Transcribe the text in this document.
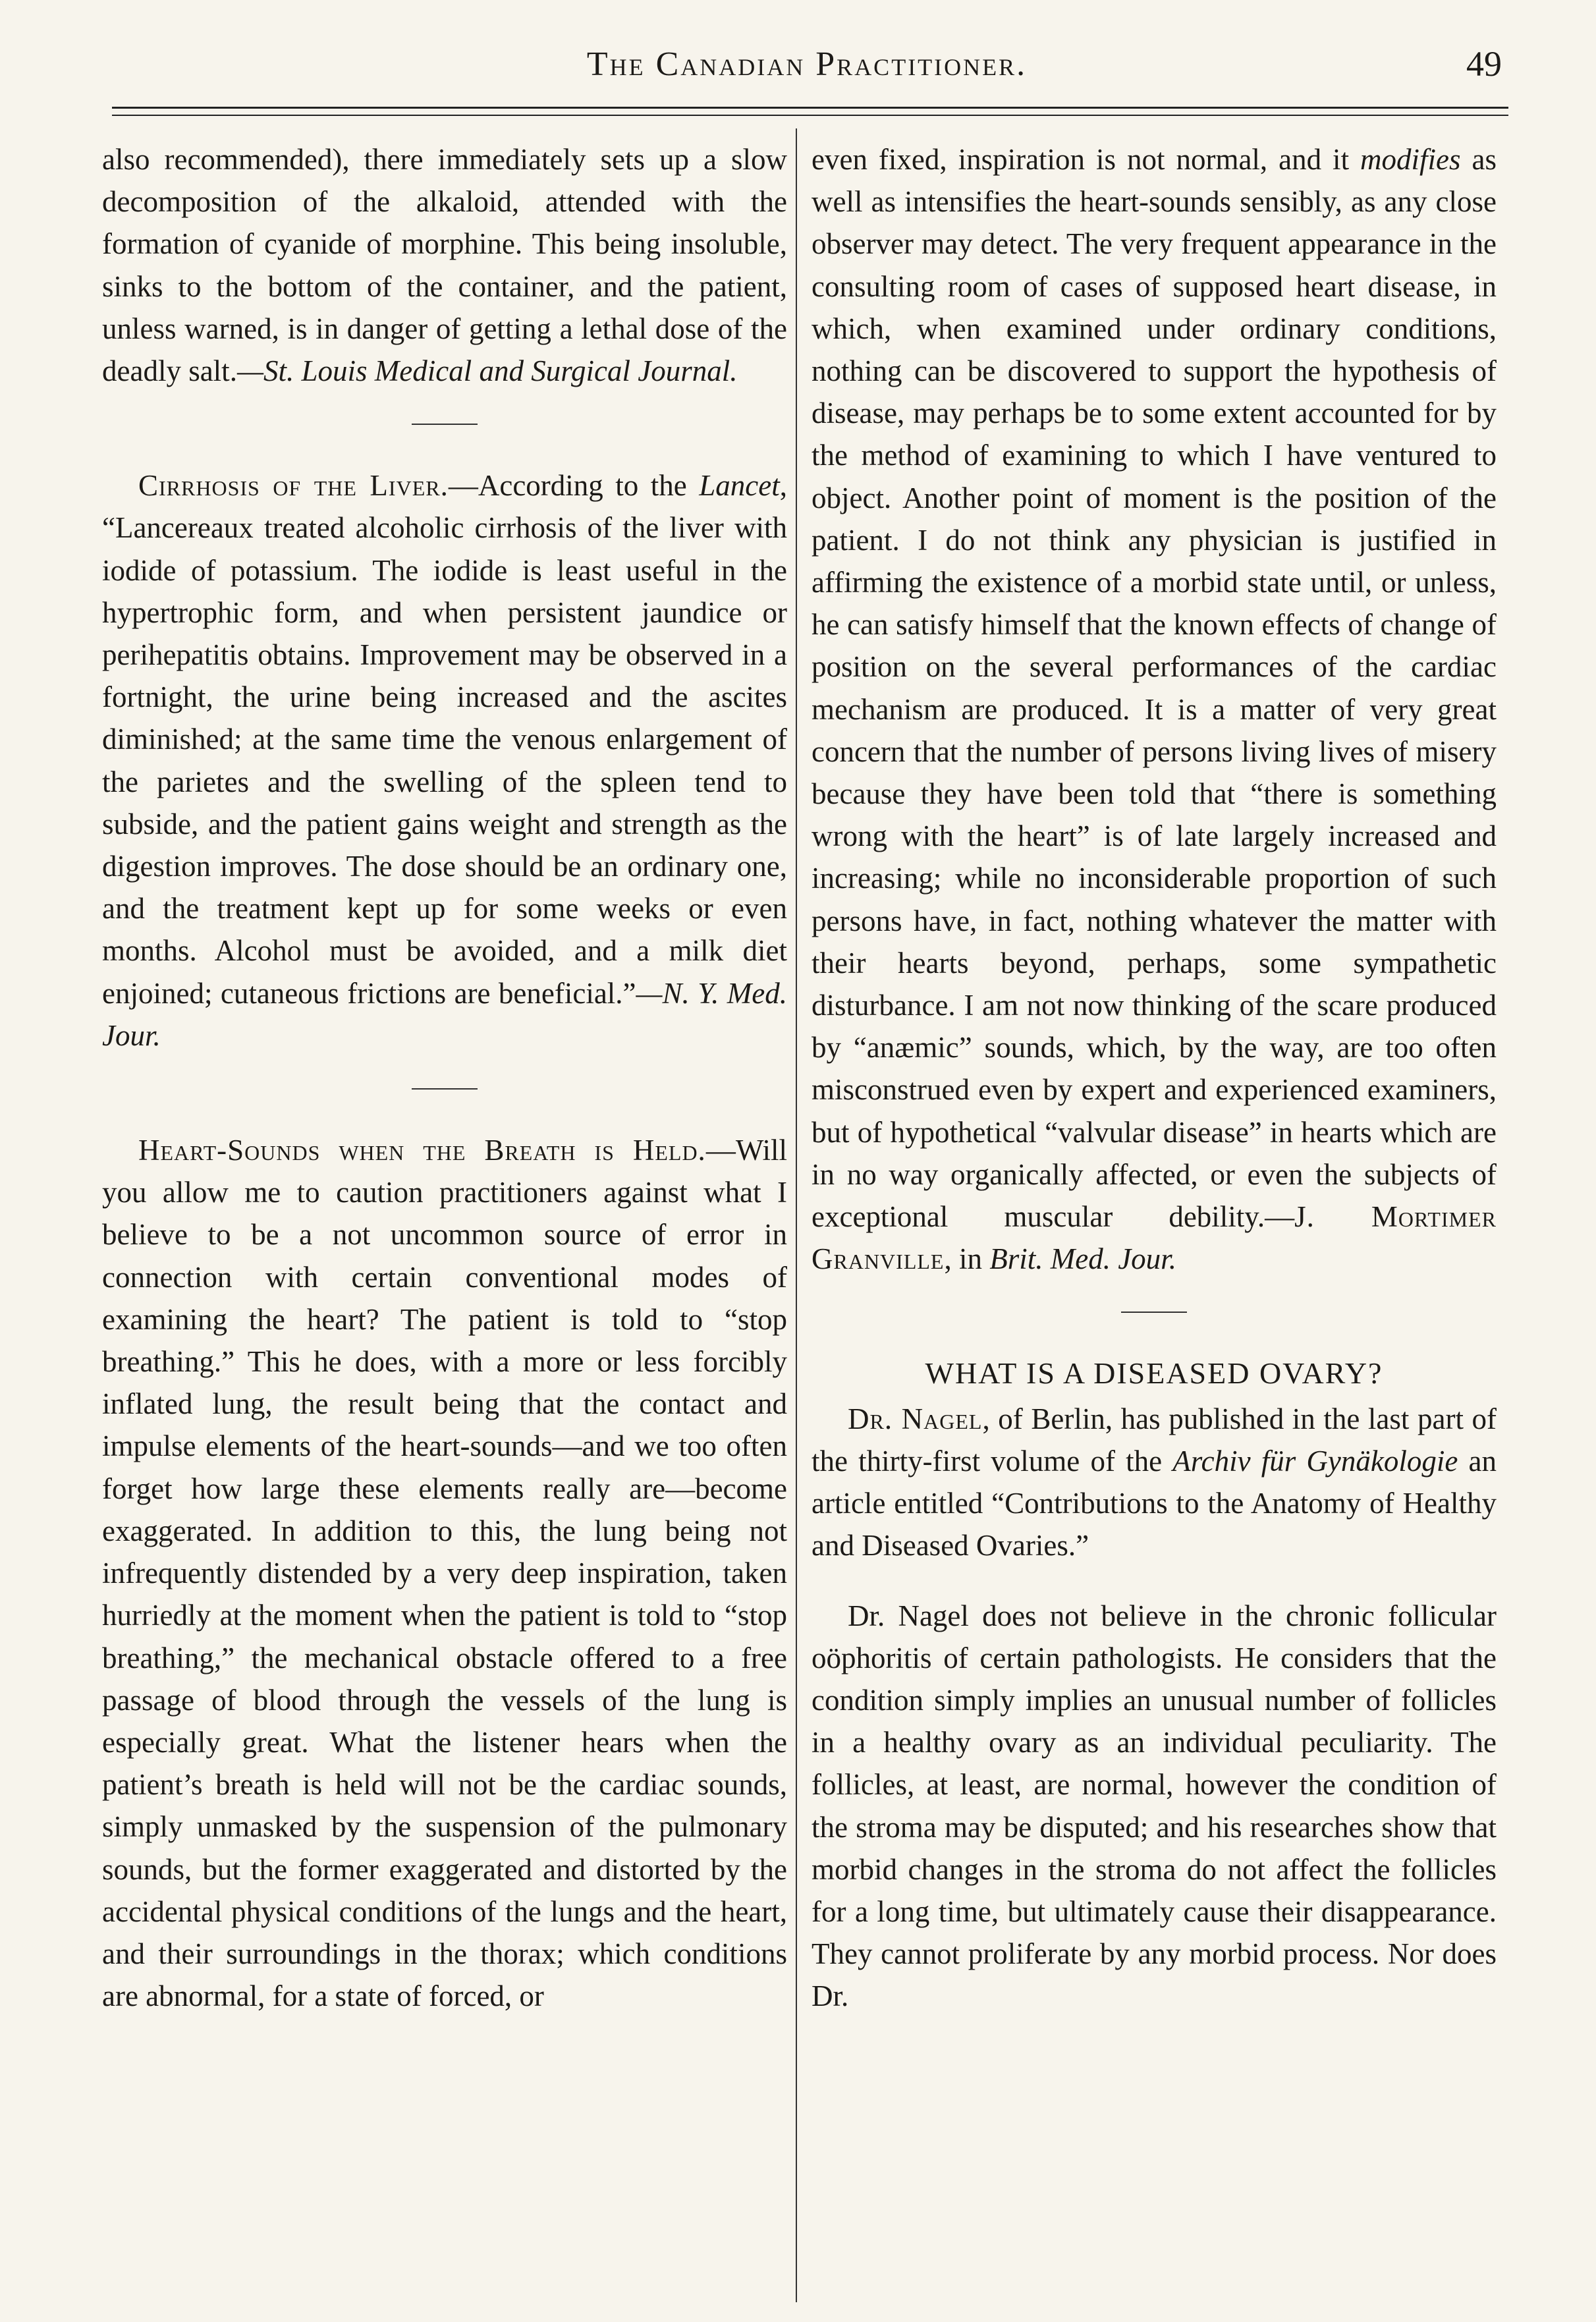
The Canadian Practitioner.	49

also recommended), there immediately sets up a slow decomposition of the alkaloid, attended with the formation of cyanide of morphine. This being insoluble, sinks to the bottom of the container, and the patient, unless warned, is in danger of getting a lethal dose of the deadly salt.—St. Louis Medical and Surgical Journal.

Cirrhosis of the Liver.—According to the Lancet, “Lancereaux treated alcoholic cirrhosis of the liver with iodide of potassium. The iodide is least useful in the hypertrophic form, and when persistent jaundice or perihepatitis obtains. Improvement may be observed in a fortnight, the urine being increased and the ascites diminished; at the same time the venous enlargement of the parietes and the swelling of the spleen tend to subside, and the patient gains weight and strength as the digestion improves. The dose should be an ordinary one, and the treatment kept up for some weeks or even months. Alcohol must be avoided, and a milk diet enjoined; cutaneous frictions are beneficial.”—N. Y. Med. Jour.

Heart-Sounds when the Breath is Held.—Will you allow me to caution practitioners against what I believe to be a not uncommon source of error in connection with certain conventional modes of examining the heart? The patient is told to “stop breathing.” This he does, with a more or less forcibly inflated lung, the result being that the contact and impulse elements of the heart-sounds—and we too often forget how large these elements really are—become exaggerated. In addition to this, the lung being not infrequently distended by a very deep inspiration, taken hurriedly at the moment when the patient is told to “stop breathing,” the mechanical obstacle offered to a free passage of blood through the vessels of the lung is especially great. What the listener hears when the patient’s breath is held will not be the cardiac sounds, simply unmasked by the suspension of the pulmonary sounds, but the former exaggerated and distorted by the accidental physical conditions of the lungs and the heart, and their surroundings in the thorax; which conditions are abnormal, for a state of forced, or

even fixed, inspiration is not normal, and it modifies as well as intensifies the heart-sounds sensibly, as any close observer may detect. The very frequent appearance in the consulting room of cases of supposed heart disease, in which, when examined under ordinary conditions, nothing can be discovered to support the hypothesis of disease, may perhaps be to some extent accounted for by the method of examining to which I have ventured to object. Another point of moment is the position of the patient. I do not think any physician is justified in affirming the existence of a morbid state until, or unless, he can satisfy himself that the known effects of change of position on the several performances of the cardiac mechanism are produced. It is a matter of very great concern that the number of persons living lives of misery because they have been told that “there is something wrong with the heart” is of late largely increased and increasing; while no inconsiderable proportion of such persons have, in fact, nothing whatever the matter with their hearts beyond, perhaps, some sympathetic disturbance. I am not now thinking of the scare produced by “anæmic” sounds, which, by the way, are too often misconstrued even by expert and experienced examiners, but of hypothetical “valvular disease” in hearts which are in no way organically affected, or even the subjects of exceptional muscular debility.—J. Mortimer Granville, in Brit. Med. Jour.

WHAT IS A DISEASED OVARY?

Dr. Nagel, of Berlin, has published in the last part of the thirty-first volume of the Archiv für Gynäkologie an article entitled “Contributions to the Anatomy of Healthy and Diseased Ovaries.”

Dr. Nagel does not believe in the chronic follicular oöphoritis of certain pathologists. He considers that the condition simply implies an unusual number of follicles in a healthy ovary as an individual peculiarity. The follicles, at least, are normal, however the condition of the stroma may be disputed; and his researches show that morbid changes in the stroma do not affect the follicles for a long time, but ultimately cause their disappearance. They cannot proliferate by any morbid process. Nor does Dr.
